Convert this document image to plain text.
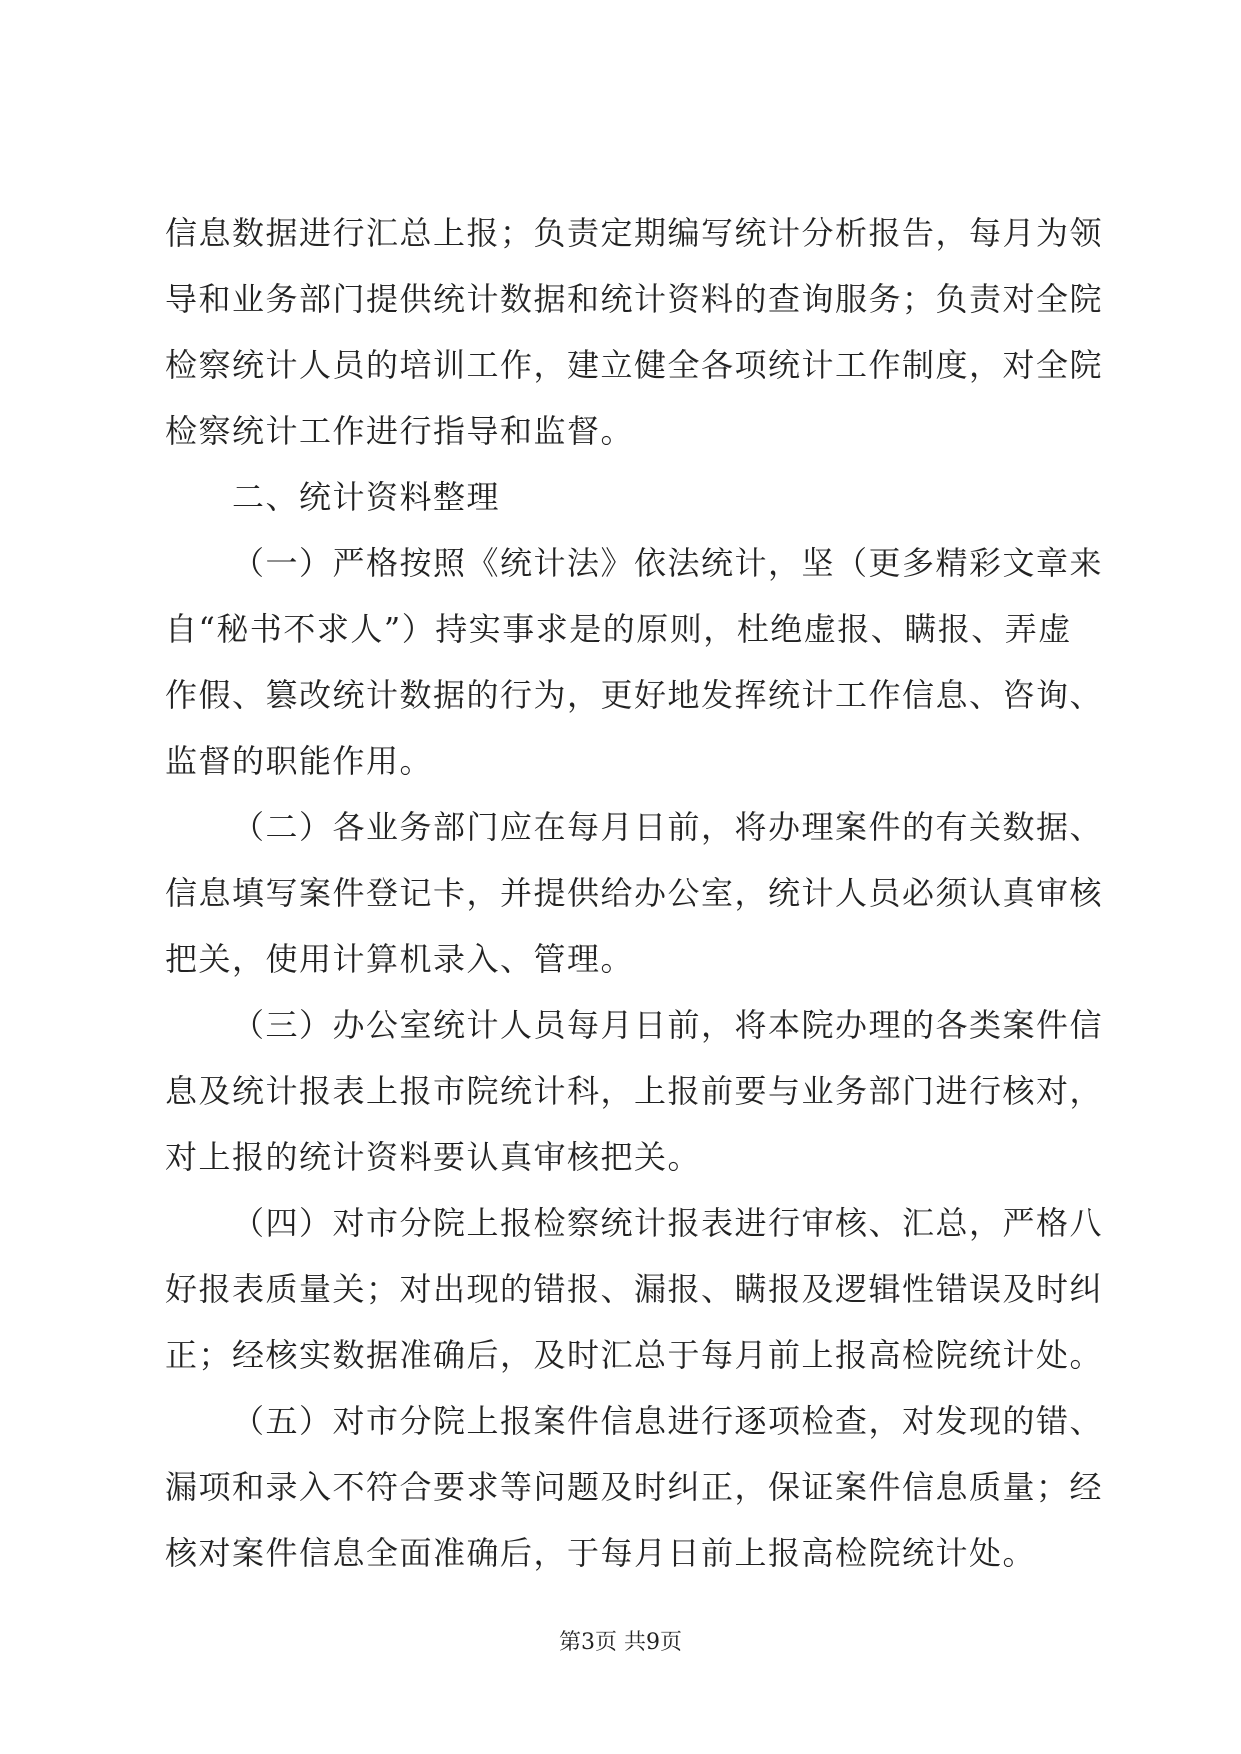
信息数据进行汇总上报；负责定期编写统计分析报告，每月为领
导和业务部门提供统计数据和统计资料的查询服务；负责对全院
检察统计人员的培训工作，建立健全各项统计工作制度，对全院
检察统计工作进行指导和监督。
二、统计资料整理
（一）严格按照《统计法》依法统计，坚（更多精彩文章来
自“秘书不求人”）持实事求是的原则，杜绝虚报、瞒报、弄虚
作假、篡改统计数据的行为，更好地发挥统计工作信息、咨询、
监督的职能作用。
（二）各业务部门应在每月日前，将办理案件的有关数据、
信息填写案件登记卡，并提供给办公室，统计人员必须认真审核
把关，使用计算机录入、管理。
（三）办公室统计人员每月日前，将本院办理的各类案件信
息及统计报表上报市院统计科，上报前要与业务部门进行核对，
对上报的统计资料要认真审核把关。
（四）对市分院上报检察统计报表进行审核、汇总，严格八
好报表质量关；对出现的错报、漏报、瞒报及逻辑性错误及时纠
正；经核实数据准确后，及时汇总于每月前上报高检院统计处。
（五）对市分院上报案件信息进行逐项检查，对发现的错、
漏项和录入不符合要求等问题及时纠正，保证案件信息质量；经
核对案件信息全面准确后，于每月日前上报高检院统计处。
第3页 共9页
